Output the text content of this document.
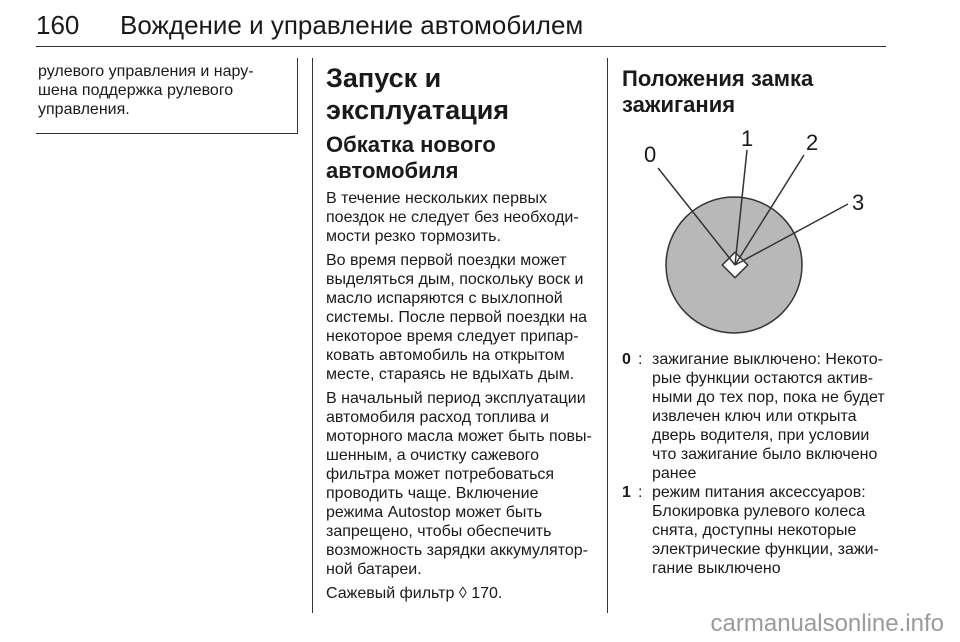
160 Вождение и управление автомобилем
рулевого управления и нару-
шена поддержка рулевого
управления.
Запуск и эксплуатация
Обкатка нового
автомобиля
В течение нескольких первых
поездок не следует без необходи-
мости резко тормозить.
Во время первой поездки может
выделяться дым, поскольку воск и
масло испаряются с выхлопной
системы. После первой поездки на
некоторое время следует припар-
ковать автомобиль на открытом
месте, стараясь не вдыхать дым.
В начальный период эксплуатации
автомобиля расход топлива и
моторного масла может быть повы-
шенным, а очистку сажевого
фильтра может потребоваться
проводить чаще. Включение
режима Autostop может быть
запрещено, чтобы обеспечить
возможность зарядки аккумулятор-
ной батареи.
Сажевый фильтр ◊ 170.
Положения замка
зажигания
0
1 2
3
0 : зажигание выключено: Некото-
рые функции остаются актив-
ными до тех пор, пока не будет
извлечен ключ или открыта
дверь водителя, при условии
что зажигание было включено
ранее
1 : режим питания аксессуаров:
Блокировка рулевого колеса
снята, доступны некоторые
электрические функции, зажи-
гание выключено
carmanualsonline.info
